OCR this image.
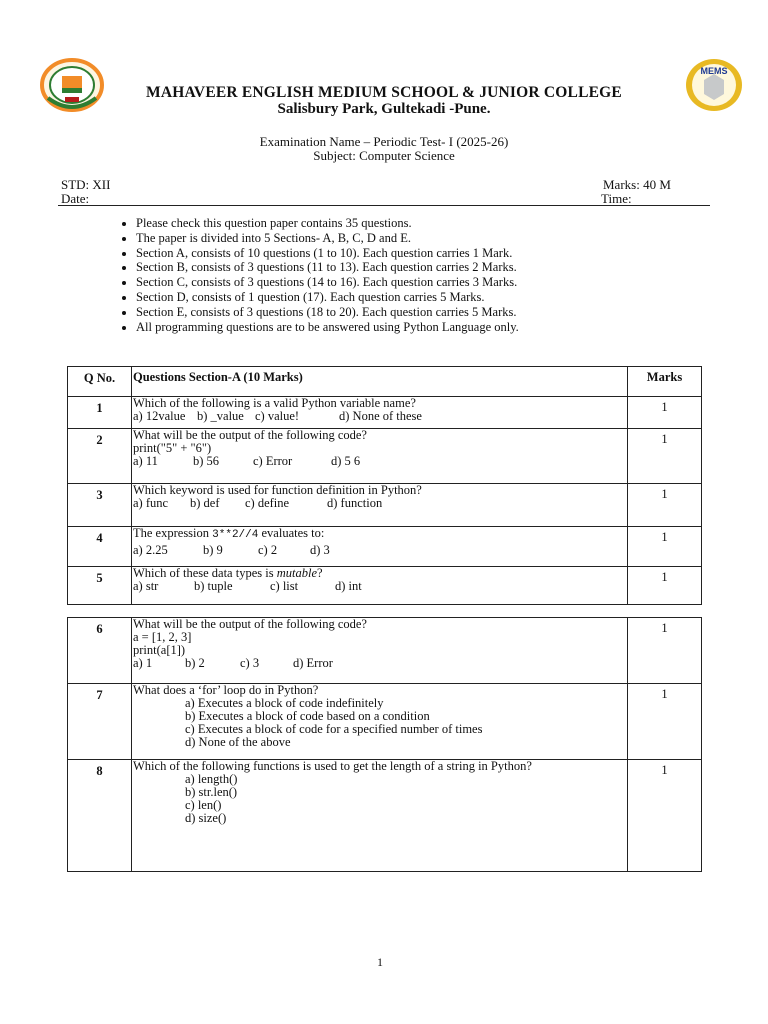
MEMS
MAHAVEER ENGLISH MEDIUM SCHOOL & JUNIOR COLLEGE
Salisbury Park, Gultekadi -Pune.
Examination Name – Periodic Test- I (2025-26)
Subject: Computer Science
STD: XII
Date:
Marks: 40 M
Time:
• Please check this question paper contains 35 questions.
• The paper is divided into 5 Sections- A, B, C, D and E.
• Section A, consists of 10 questions (1 to 10). Each question carries 1 Mark.
• Section B, consists of 3 questions (11 to 13). Each question carries 2 Marks.
• Section C, consists of 3 questions (14 to 16). Each question carries 3 Marks.
• Section D, consists of 1 question (17). Each question carries 5 Marks.
• Section E, consists of 3 questions (18 to 20). Each question carries 5 Marks.
• All programming questions are to be answered using Python Language only.
Q No.	Questions Section-A (10 Marks)	Marks
1	Which of the following is a valid Python variable name?
a) 12value b) _value c) value! d) None of these	1
2	What will be the output of the following code?
print("5" + "6")
a) 11 b) 56 c) Error d) 5 6	1
3	Which keyword is used for function definition in Python?
a) func b) def c) define d) function	1
4	The expression 3**2//4 evaluates to:
a) 2.25 b) 9 c) 2 d) 3	1
5	Which of these data types is mutable?
a) str b) tuple c) list d) int	1
6	What will be the output of the following code?
a = [1, 2, 3]
print(a[1])
a) 1 b) 2 c) 3 d) Error	1
7	What does a ‘for’ loop do in Python?
a) Executes a block of code indefinitely
b) Executes a block of code based on a condition
c) Executes a block of code for a specified number of times
d) None of the above	1
8	Which of the following functions is used to get the length of a string in Python?
a) length()
b) str.len()
c) len()
d) size()	1
1
